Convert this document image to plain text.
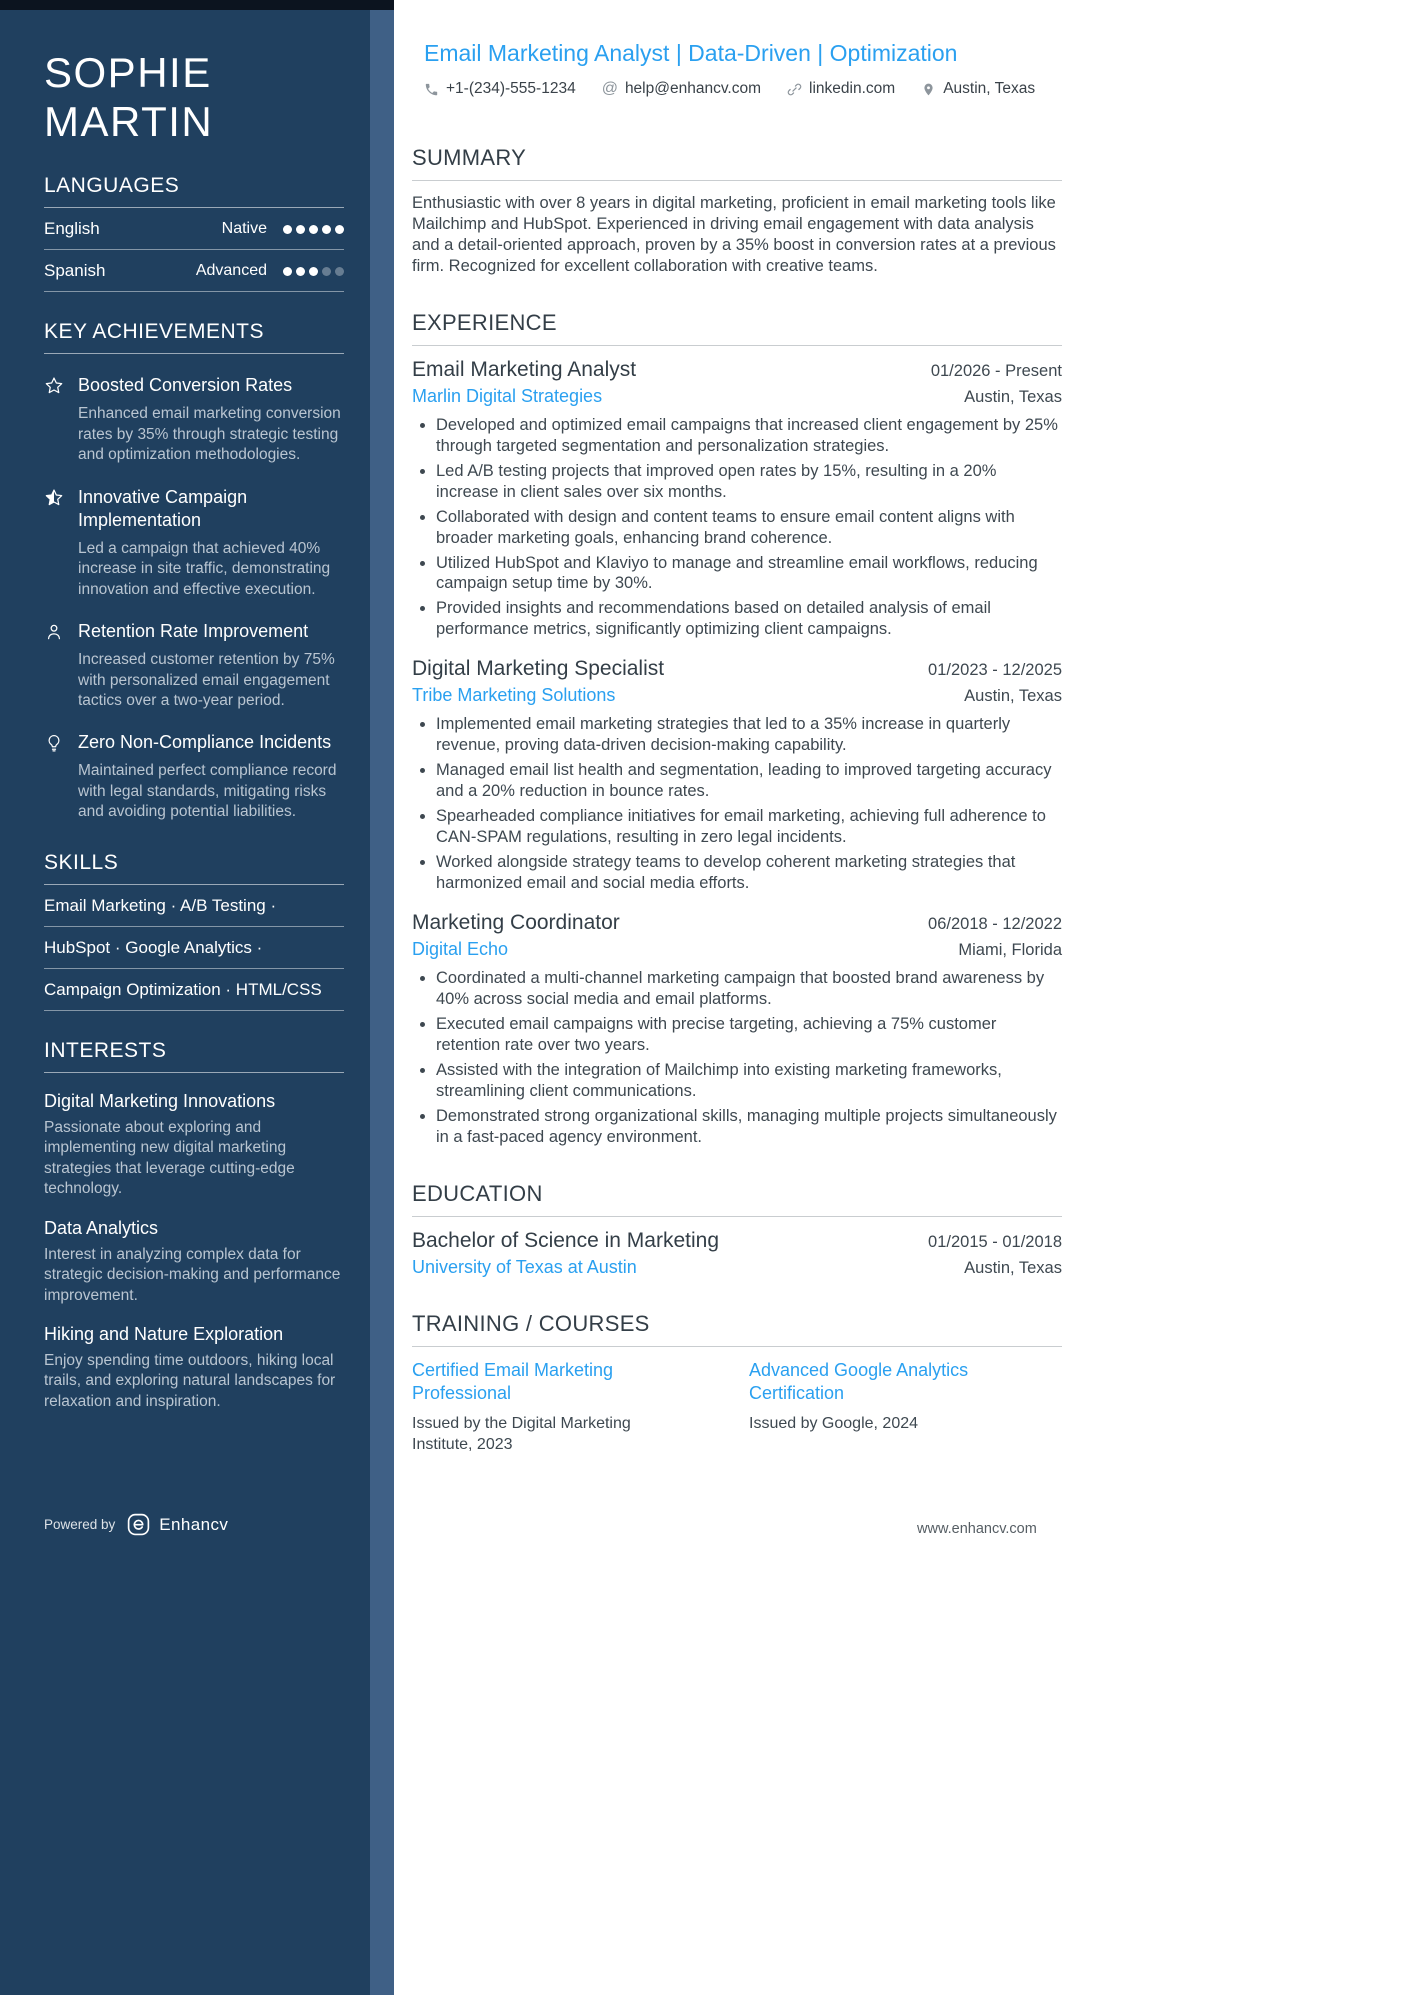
SOPHIE
MARTIN
LANGUAGES
English	Native
Spanish	Advanced
KEY ACHIEVEMENTS

Boosted Conversion Rates

Enhanced email marketing conversion rates by 35% through strategic testing and optimization methodologies.

Innovative Campaign Implementation

Led a campaign that achieved 40% increase in site traffic, demonstrating innovation and effective execution.

Retention Rate Improvement

Increased customer retention by 75% with personalized email engagement tactics over a two-year period.

Zero Non-Compliance Incidents

Maintained perfect compliance record with legal standards, mitigating risks and avoiding potential liabilities.

SKILLS
Email Marketing · A/B Testing ·
HubSpot · Google Analytics ·
Campaign Optimization · HTML/CSS
INTERESTS

Digital Marketing Innovations

Passionate about exploring and implementing new digital marketing strategies that leverage cutting-edge technology.

Data Analytics

Interest in analyzing complex data for strategic decision-making and performance improvement.

Hiking and Nature Exploration

Enjoy spending time outdoors, hiking local trails, and exploring natural landscapes for relaxation and inspiration.

Email Marketing Analyst | Data-Driven | Optimization
+1-(234)-555-1234 @ help@enhancv.com	linkedin.com	Austin, Texas
SUMMARY

Enthusiastic with over 8 years in digital marketing, proficient in email marketing tools like Mailchimp and HubSpot. Experienced in driving email engagement with data analysis and a detail-oriented approach, proven by a 35% boost in conversion rates at a previous firm. Recognized for excellent collaboration with creative teams.

EXPERIENCE
Email Marketing Analyst	01/2026 - Present
Marlin Digital Strategies	Austin, Texas
• Developed and optimized email campaigns that increased client engagement by 25% through targeted segmentation and personalization strategies.
• Led A/B testing projects that improved open rates by 15%, resulting in a 20% increase in client sales over six months.
• Collaborated with design and content teams to ensure email content aligns with broader marketing goals, enhancing brand coherence.
• Utilized HubSpot and Klaviyo to manage and streamline email workflows, reducing campaign setup time by 30%.
• Provided insights and recommendations based on detailed analysis of email performance metrics, significantly optimizing client campaigns.
Digital Marketing Specialist	01/2023 - 12/2025
Tribe Marketing Solutions	Austin, Texas
• Implemented email marketing strategies that led to a 35% increase in quarterly revenue, proving data-driven decision-making capability.
• Managed email list health and segmentation, leading to improved targeting accuracy and a 20% reduction in bounce rates.
• Spearheaded compliance initiatives for email marketing, achieving full adherence to CAN-SPAM regulations, resulting in zero legal incidents.
• Worked alongside strategy teams to develop coherent marketing strategies that harmonized email and social media efforts.
Marketing Coordinator	06/2018 - 12/2022
Digital Echo	Miami, Florida
• Coordinated a multi-channel marketing campaign that boosted brand awareness by 40% across social media and email platforms.
• Executed email campaigns with precise targeting, achieving a 75% customer retention rate over two years.
• Assisted with the integration of Mailchimp into existing marketing frameworks, streamlining client communications.
• Demonstrated strong organizational skills, managing multiple projects simultaneously in a fast-paced agency environment.
EDUCATION
Bachelor of Science in Marketing	01/2015 - 01/2018
University of Texas at Austin	Austin, Texas
TRAINING / COURSES

Certified Email Marketing Professional

Issued by the Digital Marketing Institute, 2023

Advanced Google Analytics Certification

Issued by Google, 2024

Powered by	Enhancv	www.enhancv.com
